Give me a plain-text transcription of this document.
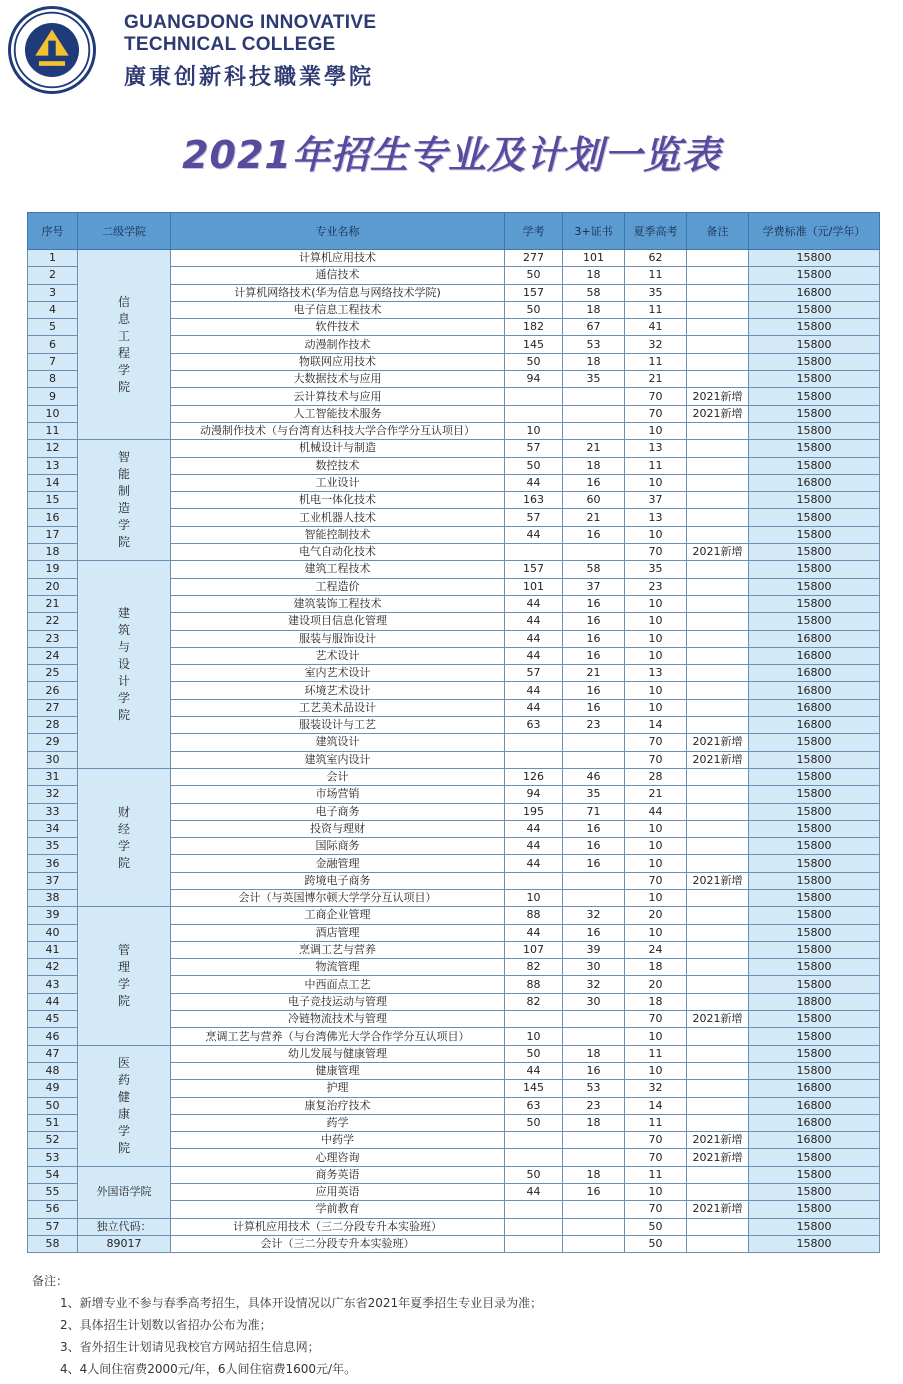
GUANGDONG INNOVATIVE
TECHNICAL COLLEGE
廣東创新科技職業學院
2021年招生专业及计划一览表
序号	二级学院	专业名称	学考	3+证书	夏季高考	备注	学费标准（元/学年）
1	信息工程学院	计算机应用技术	277	101	62		15800
2		通信技术	50	18	11		15800
3		计算机网络技术(华为信息与网络技术学院)	157	58	35		16800
4		电子信息工程技术	50	18	11		15800
5		软件技术	182	67	41		15800
6		动漫制作技术	145	53	32		15800
7		物联网应用技术	50	18	11		15800
8		大数据技术与应用	94	35	21		15800
9		云计算技术与应用			70	2021新增	15800
10		人工智能技术服务			70	2021新增	15800
11		动漫制作技术（与台湾育达科技大学合作学分互认项目）	10		10		15800
12	智能制造学院	机械设计与制造	57	21	13		15800
13		数控技术	50	18	11		15800
14		工业设计	44	16	10		16800
15		机电一体化技术	163	60	37		15800
16		工业机器人技术	57	21	13		15800
17		智能控制技术	44	16	10		15800
18		电气自动化技术			70	2021新增	15800
19	建筑与设计学院	建筑工程技术	157	58	35		15800
20		工程造价	101	37	23		15800
21		建筑装饰工程技术	44	16	10		15800
22		建设项目信息化管理	44	16	10		15800
23		服装与服饰设计	44	16	10		16800
24		艺术设计	44	16	10		16800
25		室内艺术设计	57	21	13		16800
26		环境艺术设计	44	16	10		16800
27		工艺美术品设计	44	16	10		16800
28		服装设计与工艺	63	23	14		16800
29		建筑设计			70	2021新增	15800
30		建筑室内设计			70	2021新增	15800
31	财经学院	会计	126	46	28		15800
32		市场营销	94	35	21		15800
33		电子商务	195	71	44		15800
34		投资与理财	44	16	10		15800
35		国际商务	44	16	10		15800
36		金融管理	44	16	10		15800
37		跨境电子商务			70	2021新增	15800
38		会计（与英国博尔顿大学学分互认项目）	10		10		15800
39	管理学院	工商企业管理	88	32	20		15800
40		酒店管理	44	16	10		15800
41		烹调工艺与营养	107	39	24		15800
42		物流管理	82	30	18		15800
43		中西面点工艺	88	32	20		15800
44		电子竞技运动与管理	82	30	18		18800
45		冷链物流技术与管理			70	2021新增	15800
46		烹调工艺与营养（与台湾佛光大学合作学分互认项目）	10		10		15800
47	医药健康学院	幼儿发展与健康管理	50	18	11		15800
48		健康管理	44	16	10		15800
49		护理	145	53	32		16800
50		康复治疗技术	63	23	14		16800
51		药学	50	18	11		16800
52		中药学			70	2021新增	16800
53		心理咨询			70	2021新增	15800
54	外国语学院	商务英语	50	18	11		15800
55		应用英语	44	16	10		15800
56		学前教育			70	2021新增	15800
57	独立代码：	计算机应用技术（三二分段专升本实验班）			50		15800
58	89017	会计（三二分段专升本实验班）			50		15800
备注：
1、新增专业不参与春季高考招生，具体开设情况以广东省2021年夏季招生专业目录为准；
2、具体招生计划数以省招办公布为准；
3、省外招生计划请见我校官方网站招生信息网；
4、4人间住宿费2000元/年，6人间住宿费1600元/年。
